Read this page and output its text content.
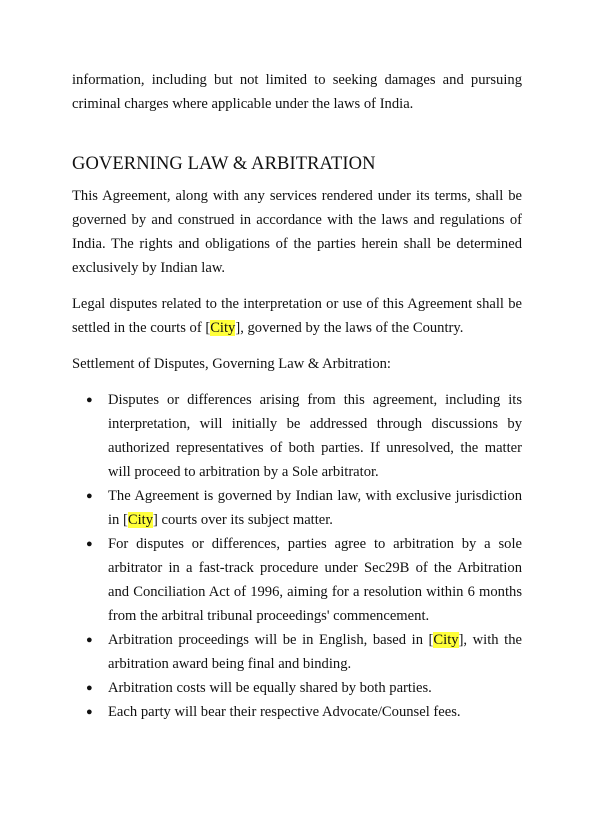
information, including but not limited to seeking damages and pursuing criminal charges where applicable under the laws of India.

GOVERNING LAW & ARBITRATION

This Agreement, along with any services rendered under its terms, shall be governed by and construed in accordance with the laws and regulations of India. The rights and obligations of the parties herein shall be determined exclusively by Indian law.

Legal disputes related to the interpretation or use of this Agreement shall be settled in the courts of [City], governed by the laws of the Country.

Settlement of Disputes, Governing Law & Arbitration:

● Disputes or differences arising from this agreement, including its interpretation, will initially be addressed through discussions by authorized representatives of both parties. If unresolved, the matter will proceed to arbitration by a Sole arbitrator.
● The Agreement is governed by Indian law, with exclusive jurisdiction in [City] courts over its subject matter.
● For disputes or differences, parties agree to arbitration by a sole arbitrator in a fast-track procedure under Sec29B of the Arbitration and Conciliation Act of 1996, aiming for a resolution within 6 months from the arbitral tribunal proceedings' commencement.
● Arbitration proceedings will be in English, based in [City], with the arbitration award being final and binding.
● Arbitration costs will be equally shared by both parties.
● Each party will bear their respective Advocate/Counsel fees.
